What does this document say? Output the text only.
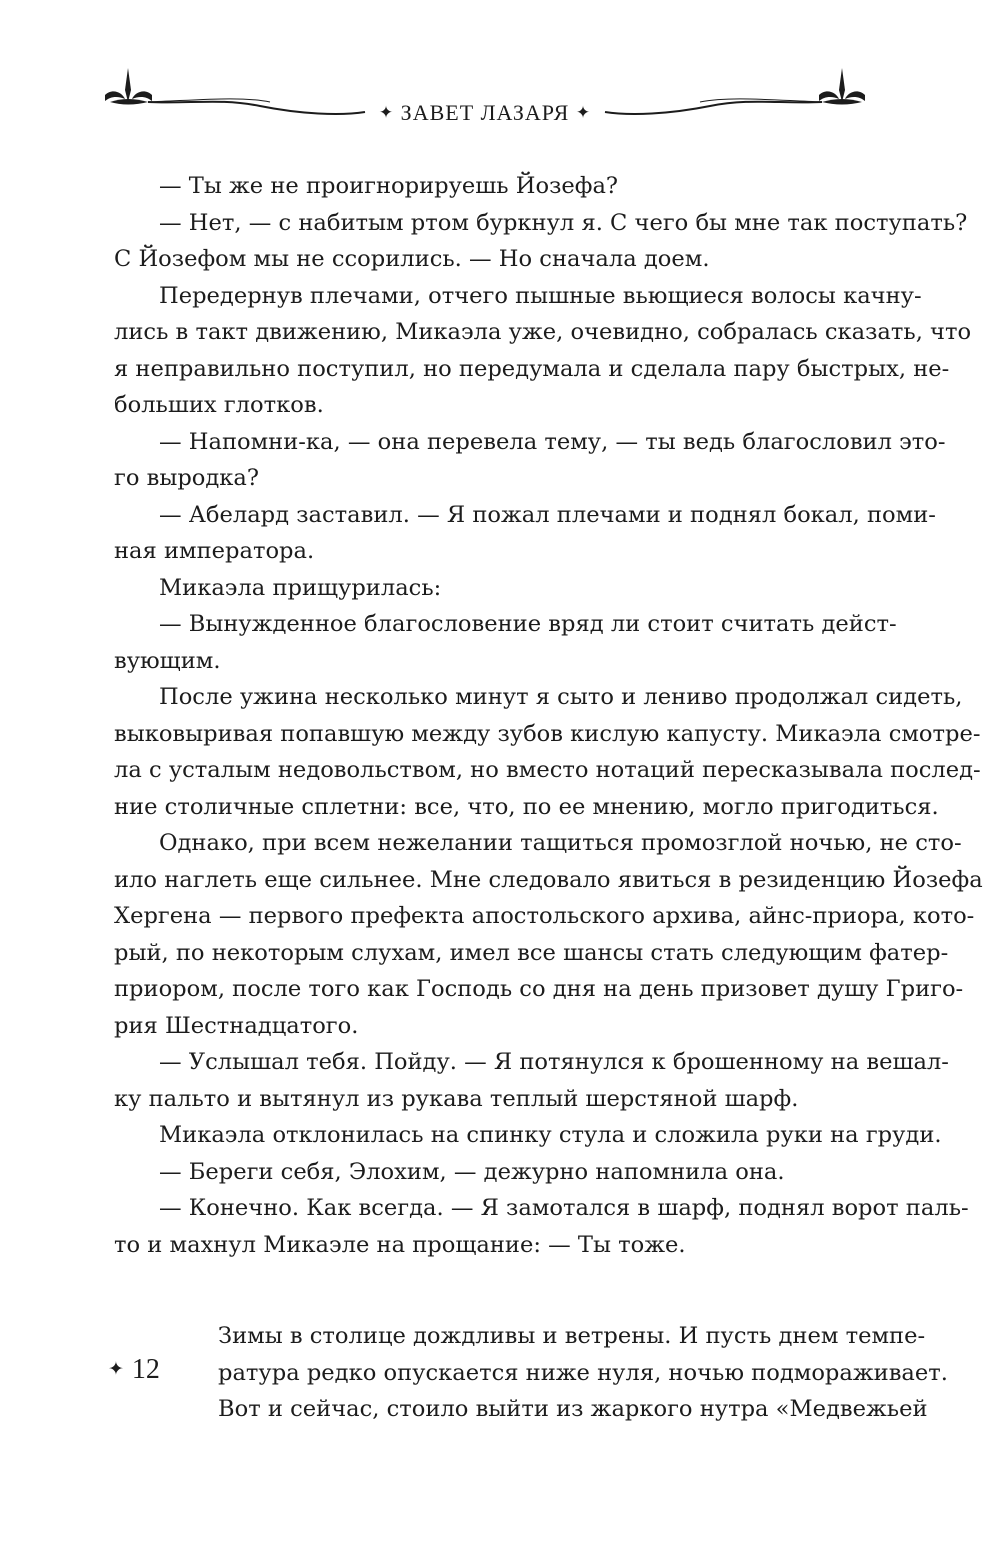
✦ ЗАВЕТ ЛАЗАРЯ ✦
— Ты же не проигнорируешь Йозефа?
— Нет, — с набитым ртом буркнул я. С чего бы мне так поступать?
С Йозефом мы не ссорились. — Но сначала доем.
Передернув плечами, отчего пышные вьющиеся волосы качну-
лись в такт движению, Микаэла уже, очевидно, собралась сказать, что
я неправильно поступил, но передумала и сделала пару быстрых, не-
больших глотков.
— Напомни-ка, — она перевела тему, — ты ведь благословил это-
го выродка?
— Абелард заставил. — Я пожал плечами и поднял бокал, поми-
ная императора.
Микаэла прищурилась:
— Вынужденное благословение вряд ли стоит считать дейст-
вующим.
После ужина несколько минут я сыто и лениво продолжал сидеть,
выковыривая попавшую между зубов кислую капусту. Микаэла смотре-
ла с усталым недовольством, но вместо нотаций пересказывала послед-
ние столичные сплетни: все, что, по ее мнению, могло пригодиться.
Однако, при всем нежелании тащиться промозглой ночью, не сто-
ило наглеть еще сильнее. Мне следовало явиться в резиденцию Йозефа
Хергена — первого префекта апостольского архива, айнс-приора, кото-
рый, по некоторым слухам, имел все шансы стать следующим фатер-
приором, после того как Господь со дня на день призовет душу Григо-
рия Шестнадцатого.
— Услышал тебя. Пойду. — Я потянулся к брошенному на вешал-
ку пальто и вытянул из рукава теплый шерстяной шарф.
Микаэла отклонилась на спинку стула и сложила руки на груди.
— Береги себя, Элохим, — дежурно напомнила она.
— Конечно. Как всегда. — Я замотался в шарф, поднял ворот паль-
то и махнул Микаэле на прощание: — Ты тоже.
Зимы в столице дождливы и ветрены. И пусть днем темпе-
ратура редко опускается ниже нуля, ночью подмораживает.
Вот и сейчас, стоило выйти из жаркого нутра «Медвежьей
✦ 12
